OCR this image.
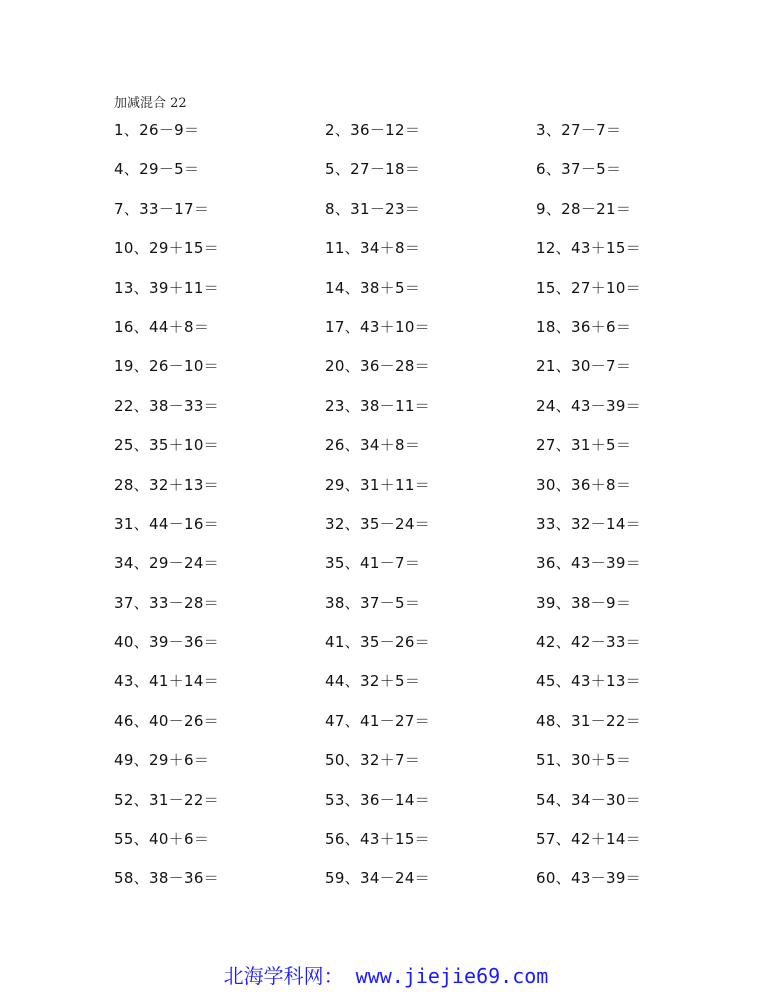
加减混合 22
1、26－9＝	2、36－12＝	3、27－7＝
4、29－5＝	5、27－18＝	6、37－5＝
7、33－17＝	8、31－23＝	9、28－21＝
10、29＋15＝	11、34＋8＝	12、43＋15＝
13、39＋11＝	14、38＋5＝	15、27＋10＝
16、44＋8＝	17、43＋10＝	18、36＋6＝
19、26－10＝	20、36－28＝	21、30－7＝
22、38－33＝	23、38－11＝	24、43－39＝
25、35＋10＝	26、34＋8＝	27、31＋5＝
28、32＋13＝	29、31＋11＝	30、36＋8＝
31、44－16＝	32、35－24＝	33、32－14＝
34、29－24＝	35、41－7＝	36、43－39＝
37、33－28＝	38、37－5＝	39、38－9＝
40、39－36＝	41、35－26＝	42、42－33＝
43、41＋14＝	44、32＋5＝	45、43＋13＝
46、40－26＝	47、41－27＝	48、31－22＝
49、29＋6＝	50、32＋7＝	51、30＋5＝
52、31－22＝	53、36－14＝	54、34－30＝
55、40＋6＝	56、43＋15＝	57、42＋14＝
58、38－36＝	59、34－24＝	60、43－39＝
北海学科网： www.jiejie69.com
